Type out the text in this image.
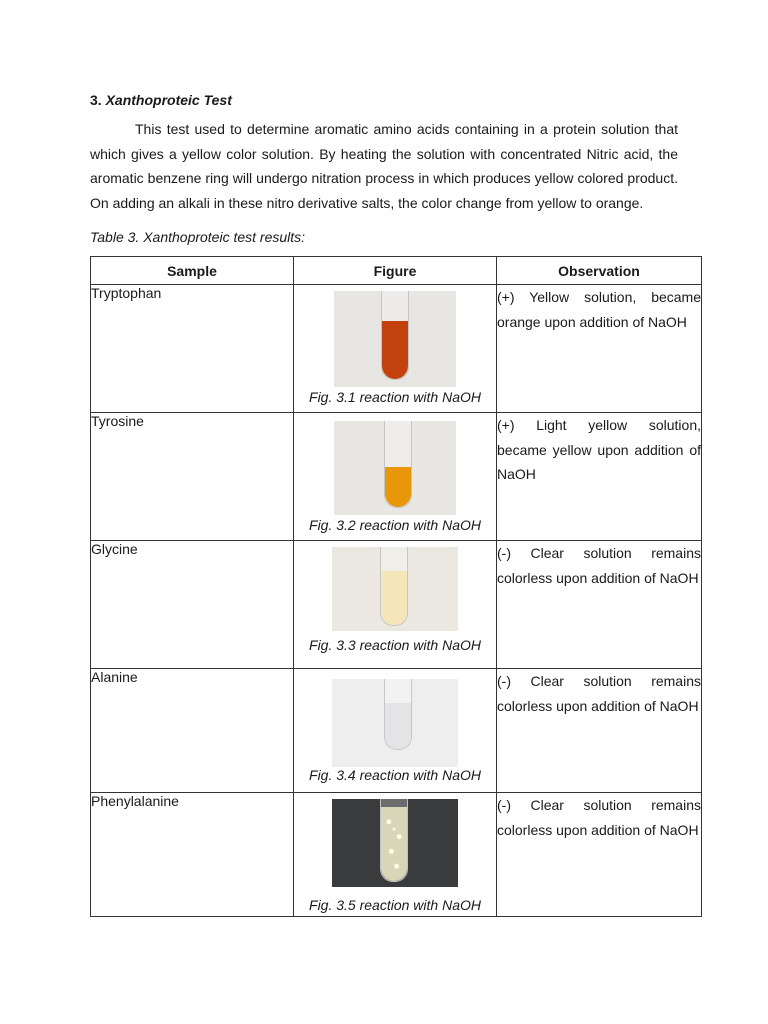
3. Xanthoproteic Test

This test used to determine aromatic amino acids containing in a protein solution that which gives a yellow color solution. By heating the solution with concentrated Nitric acid, the aromatic benzene ring will undergo nitration process in which produces yellow colored product. On adding an alkali in these nitro derivative salts, the color change from yellow to orange.

Table 3. Xanthoproteic test results:
Sample	Figure	Observation
Tryptophan	Fig. 3.1 reaction with NaOH	(+) Yellow solution, became orange upon addition of NaOH
Tyrosine	Fig. 3.2 reaction with NaOH	(+) Light yellow solution, became yellow upon addition of NaOH
Glycine	Fig. 3.3 reaction with NaOH	(-) Clear solution remains colorless upon addition of NaOH
Alanine	Fig. 3.4 reaction with NaOH	(-) Clear solution remains colorless upon addition of NaOH
Phenylalanine	Fig. 3.5 reaction with NaOH	(-) Clear solution remains colorless upon addition of NaOH
